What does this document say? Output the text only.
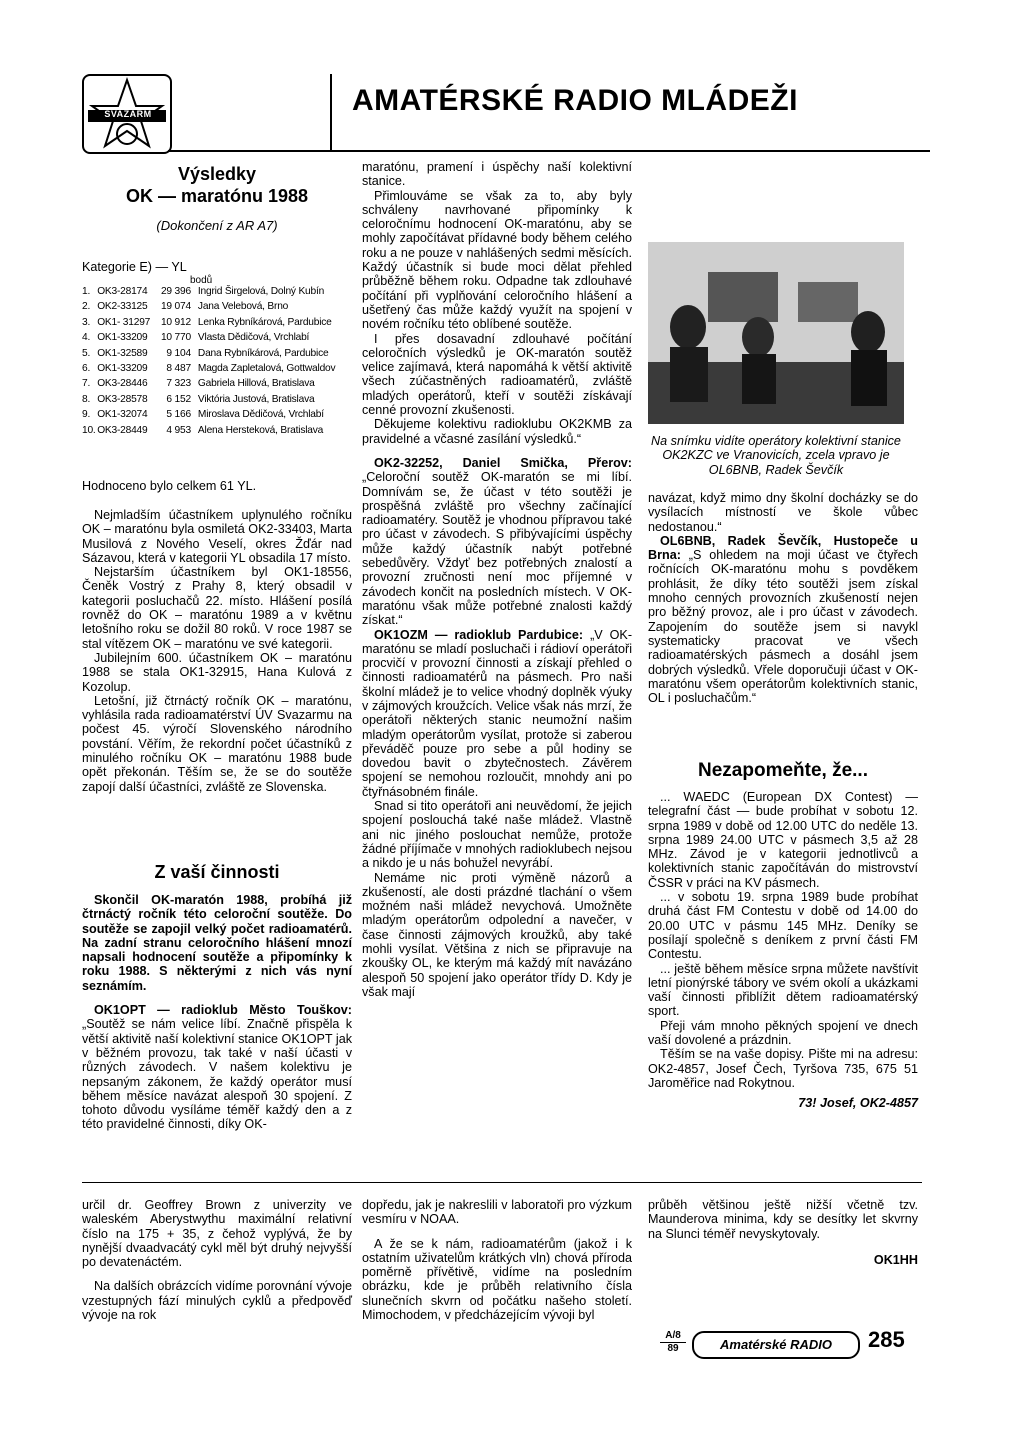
SVAZARM	AMATÉRSKÉ RADIO MLÁDEŽI
Výsledky
OK — maratónu 1988
(Dokončení z AR A7)
Kategorie E) — YL
bodů
1.	OK3-28174	29 396	Ingrid Širgelová, Dolný Kubín
2.	OK2-33125	19 074	Jana Velebová, Brno
3.	OK1- 31297	10 912	Lenka Rybníkárová, Pardubice
4.	OK1-33209	10 770	Vlasta Dědičová, Vrchlabí
5.	OK1-32589	9 104	Dana Rybníkárová, Pardubice
6.	OK1-33209	8 487	Magda Zapletalová, Gottwaldov
7.	OK3-28446	7 323	Gabriela Hillová, Bratislava
8.	OK3-28578	6 152	Viktória Justová, Bratislava
9.	OK1-32074	5 166	Miroslava Dědičová, Vrchlabí
10.	OK3-28449	4 953	Alena Hersteková, Bratislava
Hodnoceno bylo celkem 61 YL.

Nejmladším účastníkem uplynulého ročníku OK – maratónu byla osmiletá OK2-33403, Marta Musilová z Nového Veselí, okres Žďár nad Sázavou, která v kategorii YL obsadila 17 místo.

Nejstarším účastníkem byl OK1-18556, Čeněk Vostrý z Prahy 8, který obsadil v kategorii posluchačů 22. místo. Hlášení posílá rovněž do OK – maratónu 1989 a v květnu letošního roku se dožil 80 roků. V roce 1987 se stal vítězem OK – maratónu ve své kategorii.

Jubilejním 600. účastníkem OK – maratónu 1988 se stala OK1-32915, Hana Kulová z Kozolup.

Letošní, již čtrnáctý ročník OK – maratónu, vyhlásila rada radioamatérství ÚV Svazarmu na počest 45. výročí Slovenského národního povstání. Věřím, že rekordní počet účastníků z minulého ročníku OK – maratónu 1988 bude opět překonán. Těším se, že se do soutěže zapojí další účastníci, zvláště ze Slovenska.

Z vaší činnosti

Skončil OK-maratón 1988, probíhá již čtrnáctý ročník této celoroční soutěže. Do soutěže se zapojil velký počet radioamatérů. Na zadní stranu celoročního hlášení mnozí napsali hodnocení soutěže a připomínky k roku 1988. S některými z nich vás nyní seznámím.

OK1OPT — radioklub Město Touškov: „Soutěž se nám velice líbí. Značně přispěla k větší aktivitě naší kolektivní stanice OK1OPT jak v běžném provozu, tak také v naší účasti v různých závodech. V našem kolektivu je nepsaným zákonem, že každý operátor musí během měsíce navázat alespoň 30 spojení. Z tohoto důvodu vysíláme téměř každý den a z této pravidelné činnosti, díky OK-

maratónu, pramení i úspěchy naší kolektivní stanice.

Přimlouváme se však za to, aby byly schváleny navrhované připomínky k celoročnímu hodnocení OK-maratónu, aby se mohly započítávat přídavné body během celého roku a ne pouze v nahlášených sedmi měsících. Každý účastník si bude moci dělat přehled průběžně během roku. Odpadne tak zdlouhavé počítání při vyplňování celoročního hlášení a ušetřený čas může každý využít na spojení v novém ročníku této oblíbené soutěže.

I přes dosavadní zdlouhavé počítání celoročních výsledků je OK-maratón soutěž velice zajímavá, která napomáhá k větší aktivitě všech zúčastněných radioamatérů, zvláště mladých operátorů, kteří v soutěži získávají cenné provozní zkušenosti.

Děkujeme kolektivu radioklubu OK2KMB za pravidelné a včasné zasílání výsledků.“

OK2-32252, Daniel Smička, Přerov: „Celoroční soutěž OK-maratón se mi líbí. Domnívám se, že účast v této soutěži je prospěšná zvláště pro všechny začínající radioamatéry. Soutěž je vhodnou přípravou také pro účast v závodech. S přibývajícími úspěchy může každý účastník nabýt potřebné sebedůvěry. Vždyť bez potřebných znalostí a provozní zručnosti není moc příjemné v závodech končit na posledních místech. V OK-maratónu však může potřebné znalosti každý získat.“

OK1OZM — radioklub Pardubice: „V OK-maratónu se mladí posluchači i rádioví operátoři procvičí v provozní činnosti a získají přehled o činnosti radioamatérů na pásmech. Pro naši školní mládež je to velice vhodný doplněk výuky v zájmových kroužcích. Velice však nás mrzí, že operátoři některých stanic neumožní našim mladým operátorům vysílat, protože si zaberou převáděč pouze pro sebe a půl hodiny se dovedou bavit o zbytečnostech. Závěrem spojení se nemohou rozloučit, mnohdy ani po čtyřnásobném finále.

Snad si tito operátoři ani neuvědomí, že jejich spojení poslouchá také naše mládež. Vlastně ani nic jiného poslouchat nemůže, protože žádné příjímače v mnohých radioklubech nejsou a nikdo je u nás bohužel nevyrábí.

Nemáme nic proti výměně názorů a zkušeností, ale dosti prázdné tlachání o všem možném naši mládež nevychová. Umožněte mladým operátorům odpolední a navečer, v čase činnosti zájmových kroužků, aby také mohli vysílat. Většina z nich se připravuje na zkoušky OL, ke kterým má každý mít navázáno alespoň 50 spojení jako operátor třídy D. Kdy je však mají

Na snímku vidíte operátory kolektivní stanice OK2KZC ve Vranovicích, zcela vpravo je OL6BNB, Radek Ševčík

navázat, když mimo dny školní docházky se do vysílacích místností ve škole vůbec nedostanou.“

OL6BNB, Radek Ševčík, Hustopeče u Brna: „S ohledem na moji účast ve čtyřech ročnících OK-maratónu mohu s povděkem prohlásit, že díky této soutěži jsem získal mnoho cenných provozních zkušeností nejen pro běžný provoz, ale i pro účast v závodech. Zapojením do soutěže jsem si navykl systematicky pracovat ve všech radioamatérských pásmech a dosáhl jsem dobrých výsledků. Vřele doporučuji účast v OK-maratónu všem operátorům kolektivních stanic, OL i posluchačům.“

Nezapomeňte, že...

... WAEDC (European DX Contest) — telegrafní část — bude probíhat v sobotu 12. srpna 1989 v době od 12.00 UTC do neděle 13. srpna 1989 24.00 UTC v pásmech 3,5 až 28 MHz. Závod je v kategorii jednotlivců a kolektivních stanic započítáván do mistrovství ČSSR v práci na KV pásmech.

... v sobotu 19. srpna 1989 bude probíhat druhá část FM Contestu v době od 14.00 do 20.00 UTC v pásmu 145 MHz. Deníky se posílají společně s deníkem z první části FM Contestu.

... ještě během měsíce srpna můžete navštívit letní pionýrské tábory ve svém okolí a ukázkami vaší činnosti přiblížit dětem radioamatérský sport.

Přeji vám mnoho pěkných spojení ve dnech vaší dovolené a prázdnin.

Těším se na vaše dopisy. Pište mi na adresu: OK2-4857, Josef Čech, Tyršova 735, 675 51 Jaroměřice nad Rokytnou.

73! Josef, OK2-4857

určil dr. Geoffrey Brown z univerzity ve waleském Aberystwythu maximální relativní číslo na 175 + 35, z čehož vyplývá, že by nynější dvaadvacátý cykl měl být druhý nejvyšší po devatenáctém.

Na dalších obrázcích vidíme porovnání vývoje vzestupných fází minulých cyklů a předpověď vývoje na rok

dopředu, jak je nakreslili v laboratoři pro výzkum vesmíru v NOAA.

A že se k nám, radioamatérům (jakož i k ostatním uživatelům krátkých vln) chová příroda poměrně přívětivě, vidíme na posledním obrázku, kde je průběh relativního čísla slunečních skvrn od počátku našeho století. Mimochodem, v předcházejícím vývoji byl

průběh většinou ještě nižší včetně tzv. Maunderova minima, kdy se desítky let skvrny na Slunci téměř nevyskytovaly.

OK1HH

A/8
89	Amatérské RADIO	285
